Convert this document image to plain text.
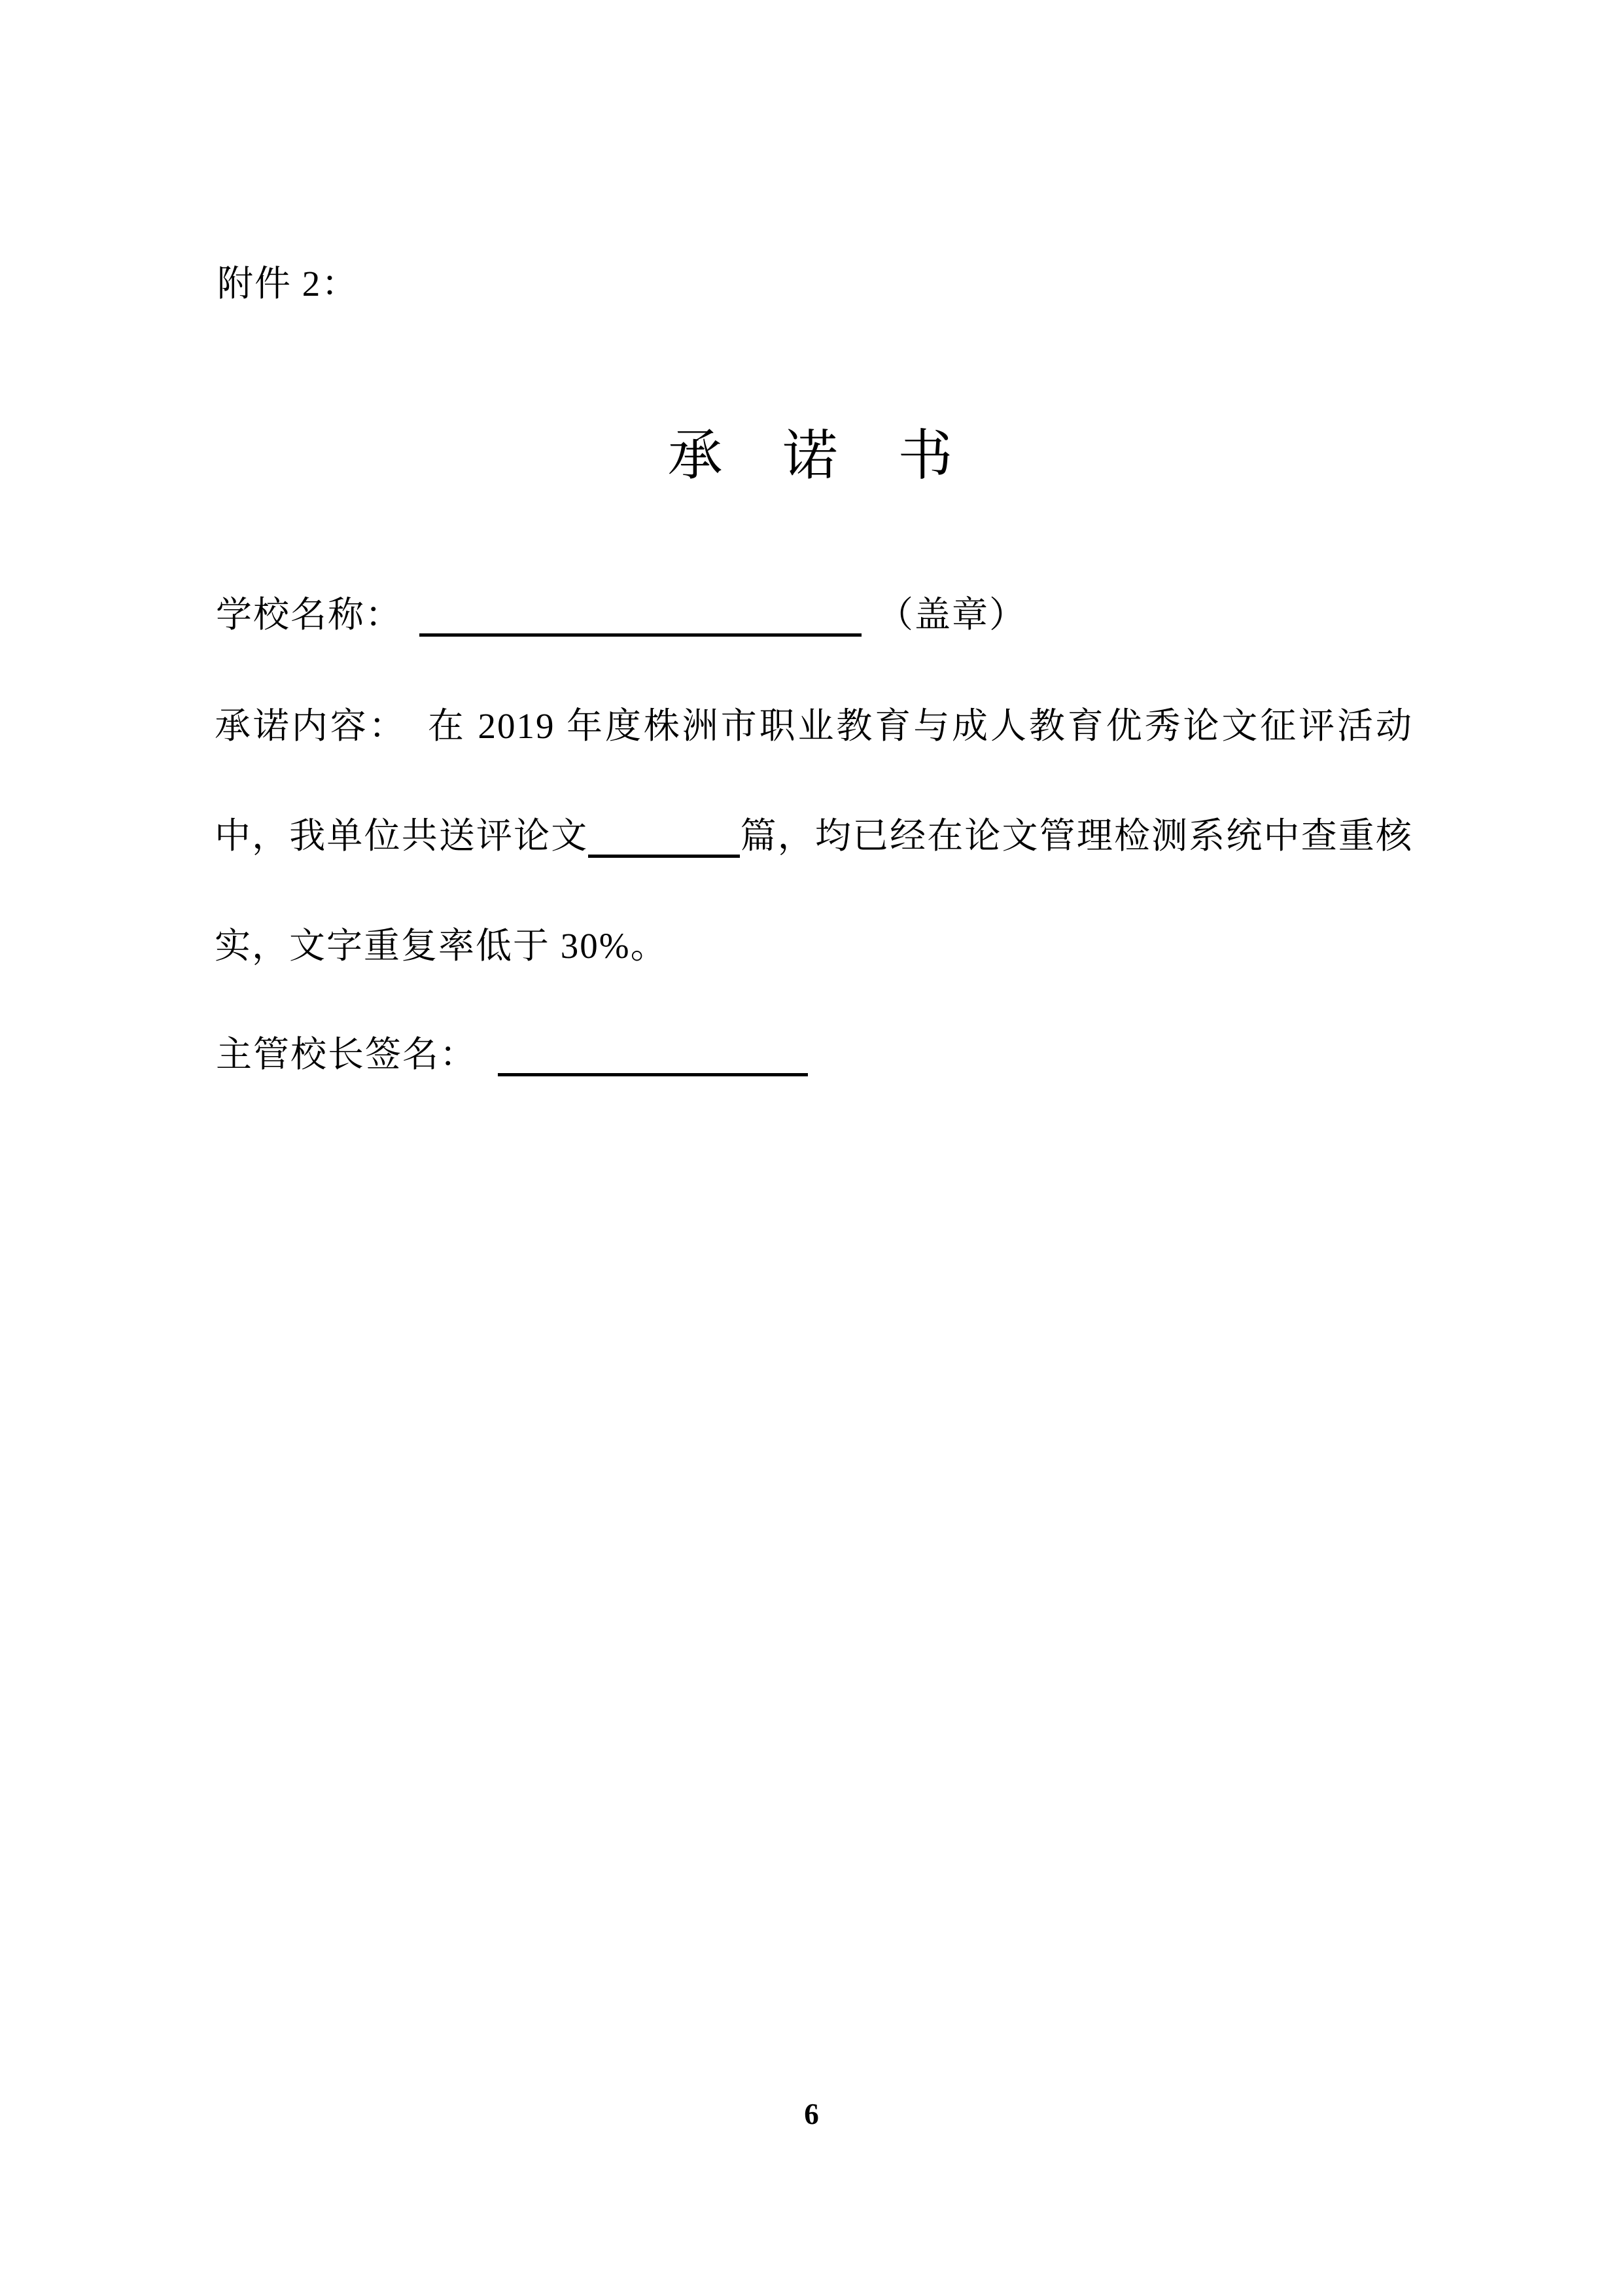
附件 2：
承　诺　书
学校名称：	（盖章）
承诺内容：　在 2019 年度株洲市职业教育与成人教育优秀论文征评活动
中，我单位共送评论文	篇，均已经在论文管理检测系统中查重核
实，文字重复率低于 30%。
主管校长签名：
6
